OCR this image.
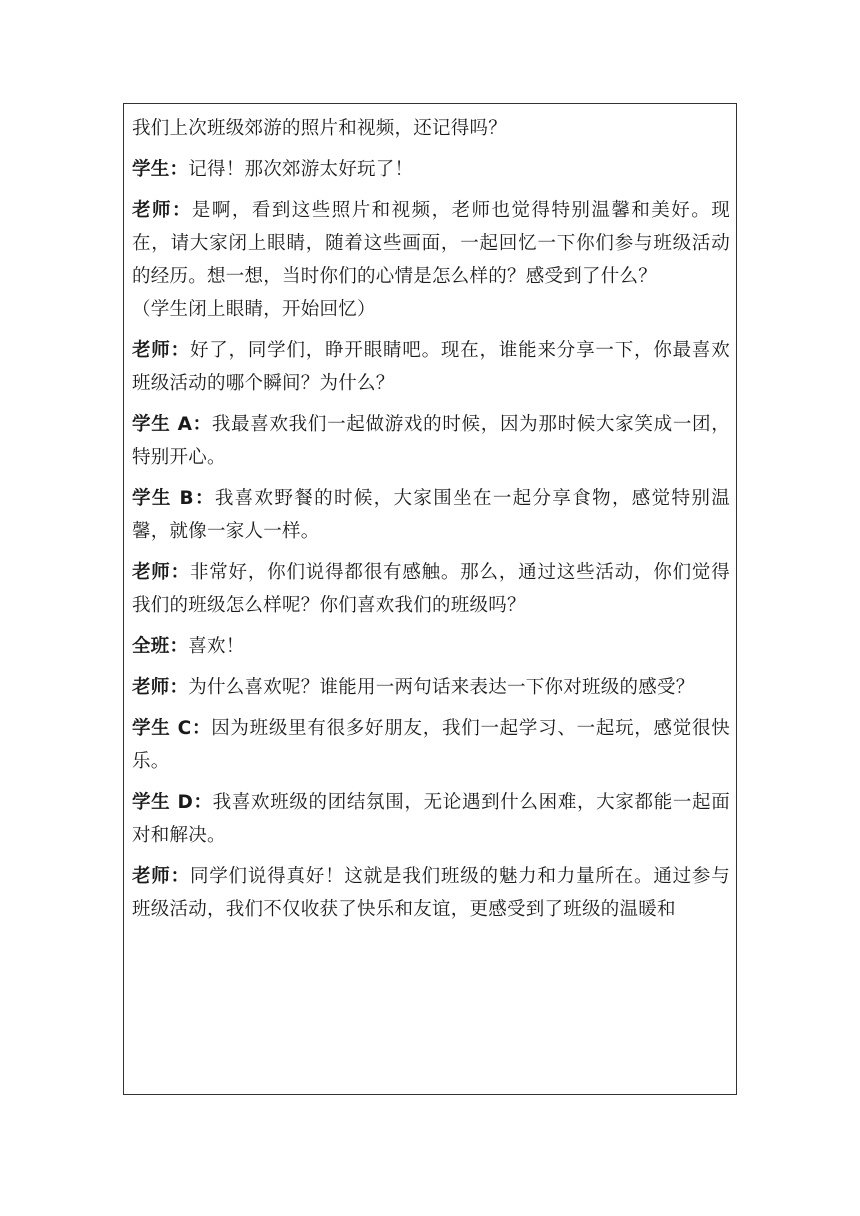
我们上次班级郊游的照片和视频，还记得吗？

学生：记得！那次郊游太好玩了！

老师：是啊，看到这些照片和视频，老师也觉得特别温馨和美好。现在，请大家闭上眼睛，随着这些画面，一起回忆一下你们参与班级活动的经历。想一想，当时你们的心情是怎么样的？感受到了什么？

（学生闭上眼睛，开始回忆）

老师：好了，同学们，睁开眼睛吧。现在，谁能来分享一下，你最喜欢班级活动的哪个瞬间？为什么？

学生 A：我最喜欢我们一起做游戏的时候，因为那时候大家笑成一团，特别开心。

学生 B：我喜欢野餐的时候，大家围坐在一起分享食物，感觉特别温馨，就像一家人一样。

老师：非常好，你们说得都很有感触。那么，通过这些活动，你们觉得我们的班级怎么样呢？你们喜欢我们的班级吗？

全班：喜欢！

老师：为什么喜欢呢？谁能用一两句话来表达一下你对班级的感受？

学生 C：因为班级里有很多好朋友，我们一起学习、一起玩，感觉很快乐。

学生 D：我喜欢班级的团结氛围，无论遇到什么困难，大家都能一起面对和解决。

老师：同学们说得真好！这就是我们班级的魅力和力量所在。通过参与班级活动，我们不仅收获了快乐和友谊，更感受到了班级的温暖和
